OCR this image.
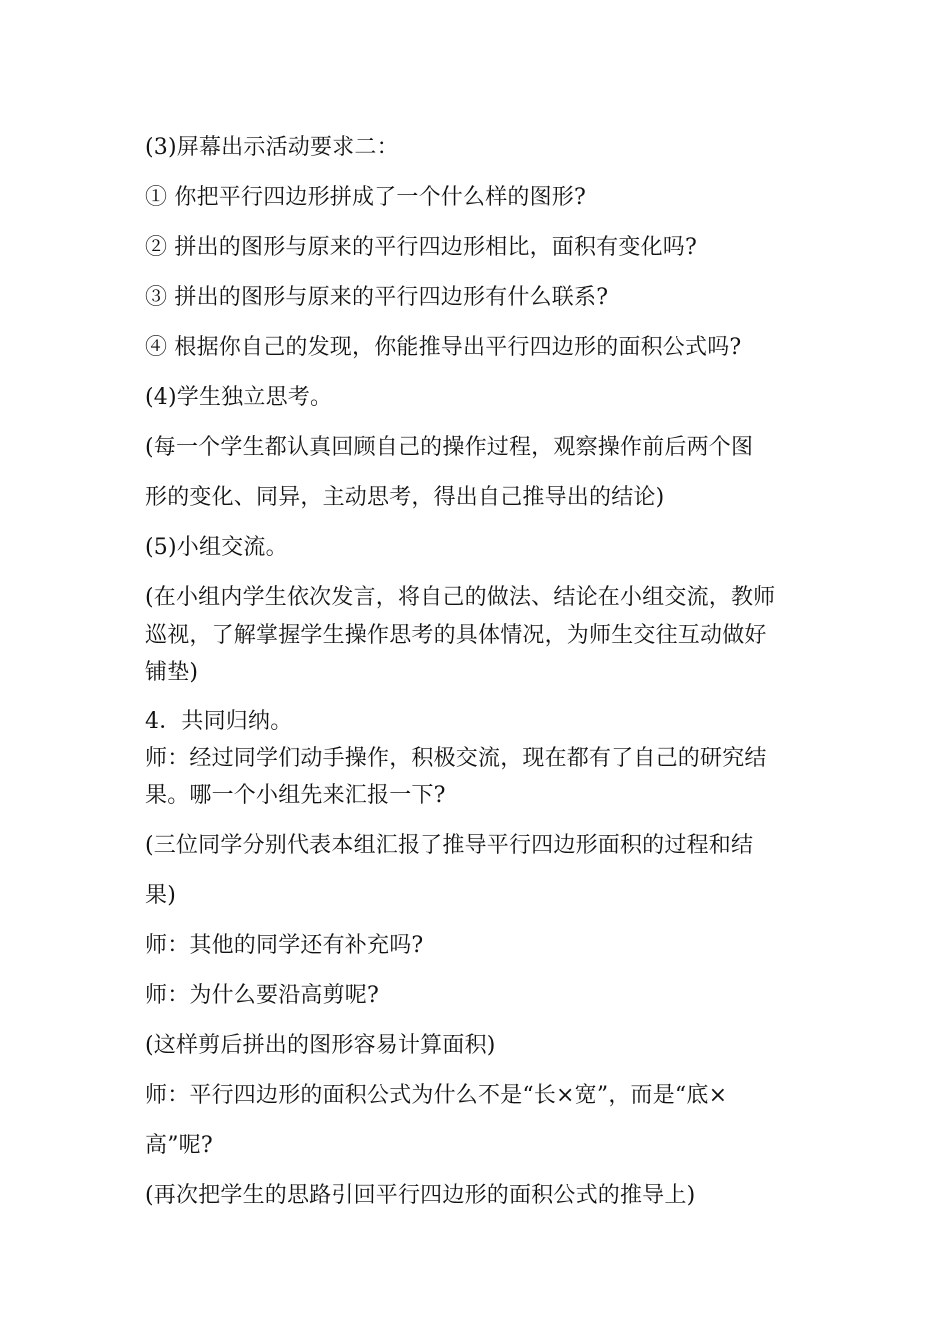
(3)屏幕出示活动要求二：
① 你把平行四边形拼成了一个什么样的图形?
② 拼出的图形与原来的平行四边形相比，面积有变化吗?
③ 拼出的图形与原来的平行四边形有什么联系?
④ 根据你自己的发现，你能推导出平行四边形的面积公式吗?
(4)学生独立思考。
(每一个学生都认真回顾自己的操作过程，观察操作前后两个图
形的变化、同异，主动思考，得出自己推导出的结论)
(5)小组交流。
(在小组内学生依次发言，将自己的做法、结论在小组交流，教师
巡视，了解掌握学生操作思考的具体情况，为师生交往互动做好
铺垫)
4．共同归纳。
师：经过同学们动手操作，积极交流，现在都有了自己的研究结
果。哪一个小组先来汇报一下?
(三位同学分别代表本组汇报了推导平行四边形面积的过程和结
果)
师：其他的同学还有补充吗?
师：为什么要沿高剪呢?
(这样剪后拼出的图形容易计算面积)
师：平行四边形的面积公式为什么不是“长×宽”，而是“底×
高”呢?
(再次把学生的思路引回平行四边形的面积公式的推导上)
